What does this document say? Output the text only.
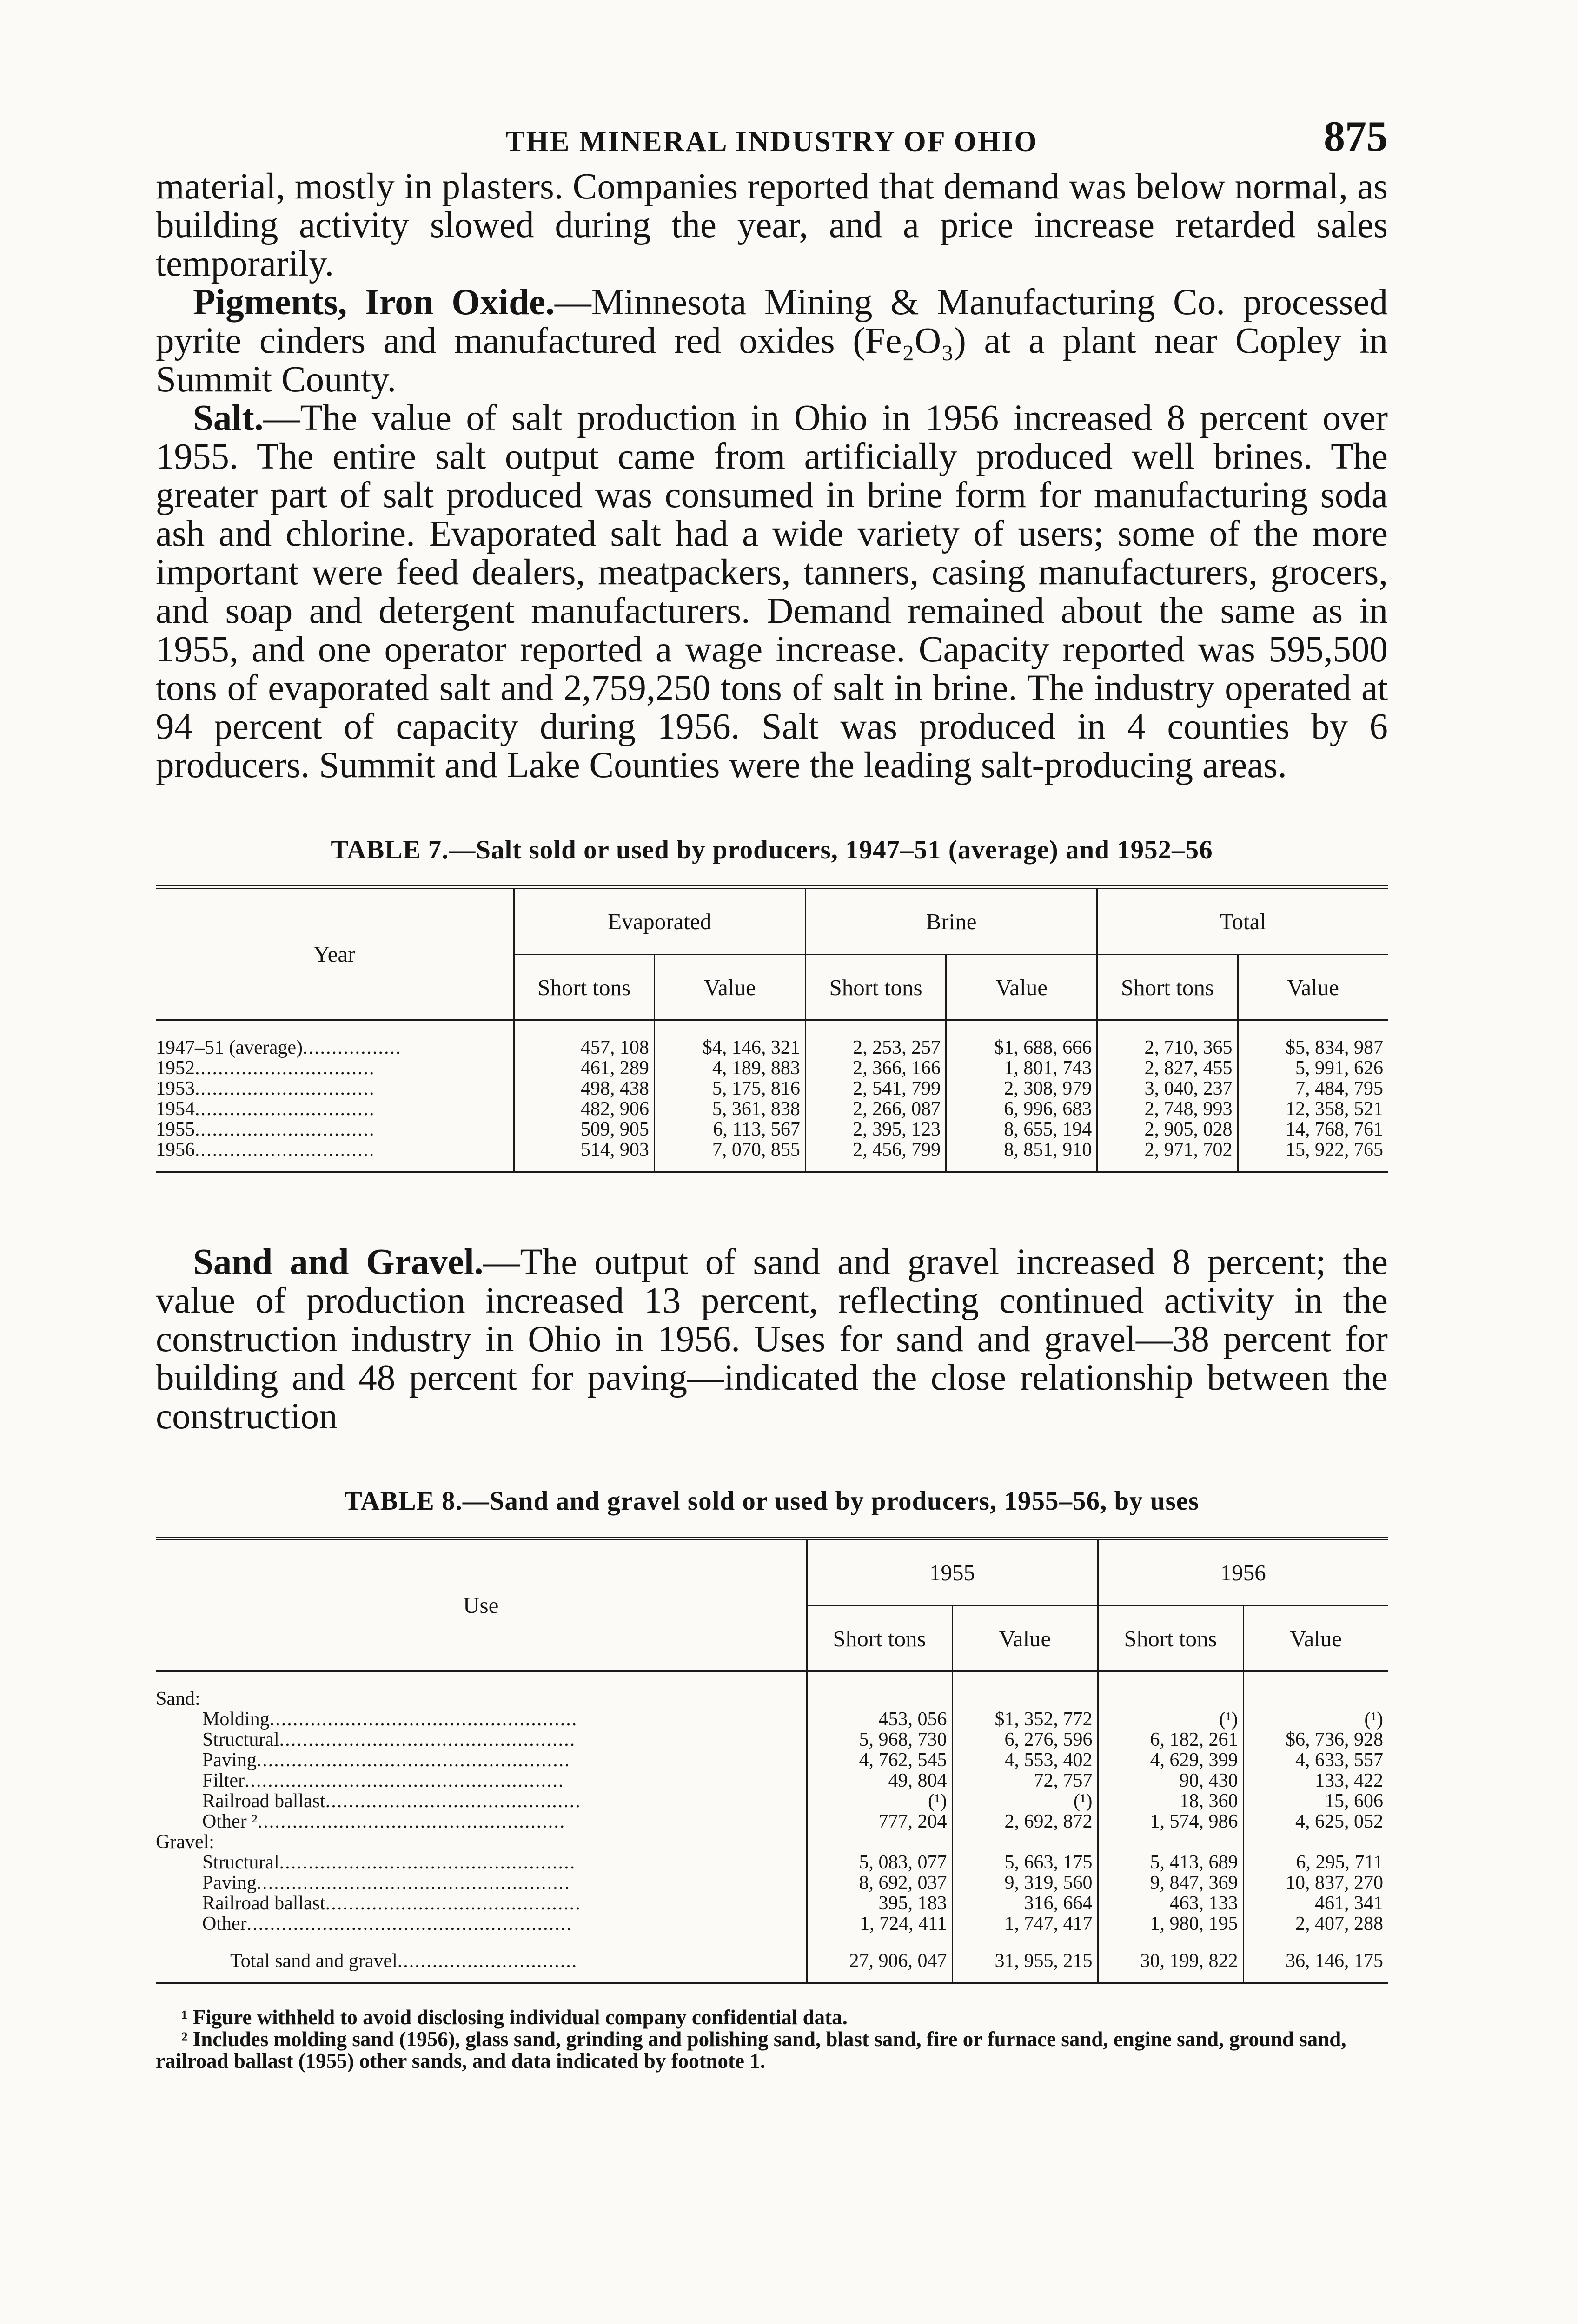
THE MINERAL INDUSTRY OF OHIO	875

material, mostly in plasters. Companies reported that demand was below normal, as building activity slowed during the year, and a price increase retarded sales temporarily.

Pigments, Iron Oxide.—Minnesota Mining & Manufacturing Co. processed pyrite cinders and manufactured red oxides (Fe₂O₃) at a plant near Copley in Summit County.

Salt.—The value of salt production in Ohio in 1956 increased 8 percent over 1955. The entire salt output came from artificially produced well brines. The greater part of salt produced was consumed in brine form for manufacturing soda ash and chlorine. Evaporated salt had a wide variety of users; some of the more important were feed dealers, meatpackers, tanners, casing manufacturers, grocers, and soap and detergent manufacturers. Demand remained about the same as in 1955, and one operator reported a wage increase. Capacity reported was 595,500 tons of evaporated salt and 2,759,250 tons of salt in brine. The industry operated at 94 percent of capacity during 1956. Salt was produced in 4 counties by 6 producers. Summit and Lake Counties were the leading salt-producing areas.

TABLE 7.—Salt sold or used by producers, 1947–51 (average) and 1952–56
Year	Evaporated		Brine		Total	
	Short tons	Value	Short tons	Value	Short tons	Value

1947–51 (average).................	457, 108	$4, 146, 321	2, 253, 257	$1, 688, 666	2, 710, 365	$5, 834, 987
1952...............................	461, 289	4, 189, 883	2, 366, 166	1, 801, 743	2, 827, 455	5, 991, 626
1953...............................	498, 438	5, 175, 816	2, 541, 799	2, 308, 979	3, 040, 237	7, 484, 795
1954...............................	482, 906	5, 361, 838	2, 266, 087	6, 996, 683	2, 748, 993	12, 358, 521
1955...............................	509, 905	6, 113, 567	2, 395, 123	8, 655, 194	2, 905, 028	14, 768, 761
1956...............................	514, 903	7, 070, 855	2, 456, 799	8, 851, 910	2, 971, 702	15, 922, 765

Sand and Gravel.—The output of sand and gravel increased 8 percent; the value of production increased 13 percent, reflecting continued activity in the construction industry in Ohio in 1956. Uses for sand and gravel—38 percent for building and 48 percent for paving—indicated the close relationship between the construction

TABLE 8.—Sand and gravel sold or used by producers, 1955–56, by uses
Use	1955		1956	
	Short tons	Value	Short tons	Value

Sand:				
Molding.....................................................	453, 056	$1, 352, 772	(¹)	(¹)
Structural...................................................	5, 968, 730	6, 276, 596	6, 182, 261	$6, 736, 928
Paving......................................................	4, 762, 545	4, 553, 402	4, 629, 399	4, 633, 557
Filter.......................................................	49, 804	72, 757	90, 430	133, 422
Railroad ballast............................................	(¹)	(¹)	18, 360	15, 606
Other ².....................................................	777, 204	2, 692, 872	1, 574, 986	4, 625, 052
Gravel:				
Structural...................................................	5, 083, 077	5, 663, 175	5, 413, 689	6, 295, 711
Paving......................................................	8, 692, 037	9, 319, 560	9, 847, 369	10, 837, 270
Railroad ballast............................................	395, 183	316, 664	463, 133	461, 341
Other........................................................	1, 724, 411	1, 747, 417	1, 980, 195	2, 407, 288

Total sand and gravel...............................	27, 906, 047	31, 955, 215	30, 199, 822	36, 146, 175

¹ Figure withheld to avoid disclosing individual company confidential data.

² Includes molding sand (1956), glass sand, grinding and polishing sand, blast sand, fire or furnace sand, engine sand, ground sand, railroad ballast (1955) other sands, and data indicated by footnote 1.
